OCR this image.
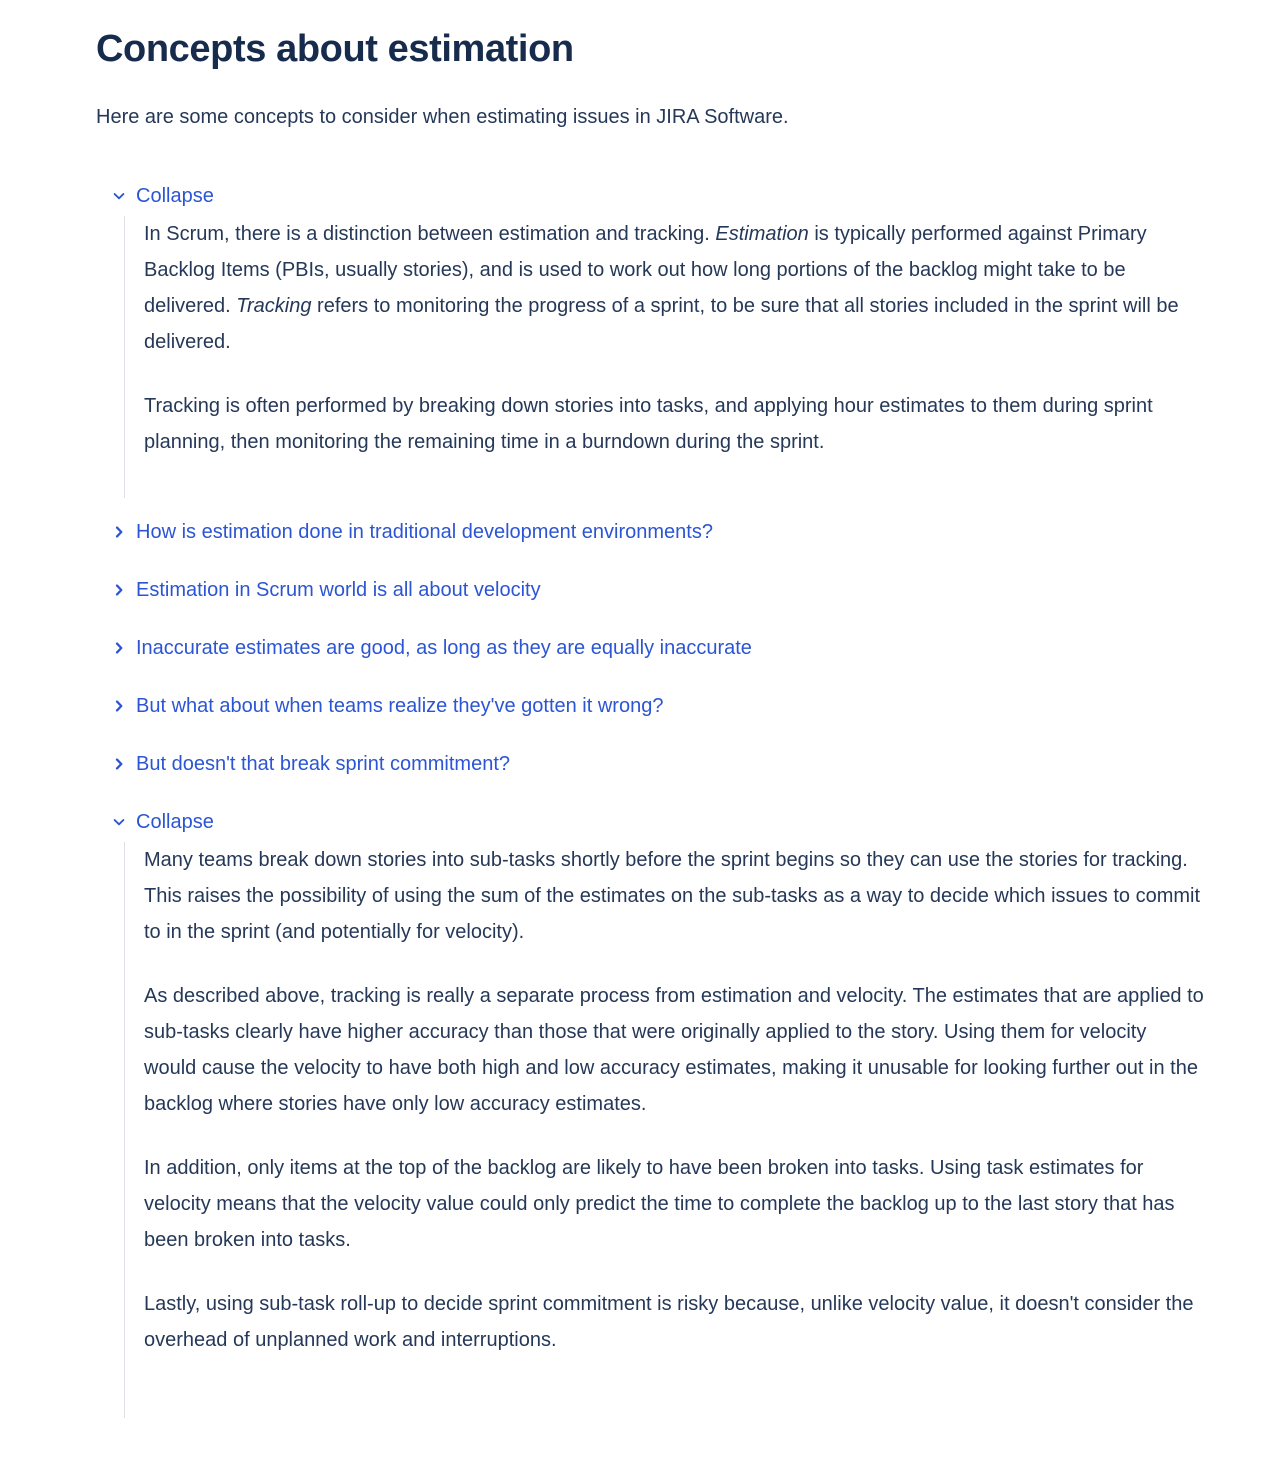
Concepts about estimation

Here are some concepts to consider when estimating issues in JIRA Software.

Collapse

In Scrum, there is a distinction between estimation and tracking. Estimation is typically performed against Primary Backlog Items (PBIs, usually stories), and is used to work out how long portions of the backlog might take to be delivered. Tracking refers to monitoring the progress of a sprint, to be sure that all stories included in the sprint will be delivered.

Tracking is often performed by breaking down stories into tasks, and applying hour estimates to them during sprint planning, then monitoring the remaining time in a burndown during the sprint.

How is estimation done in traditional development environments?
Estimation in Scrum world is all about velocity
Inaccurate estimates are good, as long as they are equally inaccurate
But what about when teams realize they've gotten it wrong?
But doesn't that break sprint commitment?
Collapse

Many teams break down stories into sub-tasks shortly before the sprint begins so they can use the stories for tracking. This raises the possibility of using the sum of the estimates on the sub-tasks as a way to decide which issues to commit to in the sprint (and potentially for velocity).

As described above, tracking is really a separate process from estimation and velocity. The estimates that are applied to sub-tasks clearly have higher accuracy than those that were originally applied to the story. Using them for velocity would cause the velocity to have both high and low accuracy estimates, making it unusable for looking further out in the backlog where stories have only low accuracy estimates.

In addition, only items at the top of the backlog are likely to have been broken into tasks. Using task estimates for velocity means that the velocity value could only predict the time to complete the backlog up to the last story that has been broken into tasks.

Lastly, using sub-task roll-up to decide sprint commitment is risky because, unlike velocity value, it doesn't consider the overhead of unplanned work and interruptions.
